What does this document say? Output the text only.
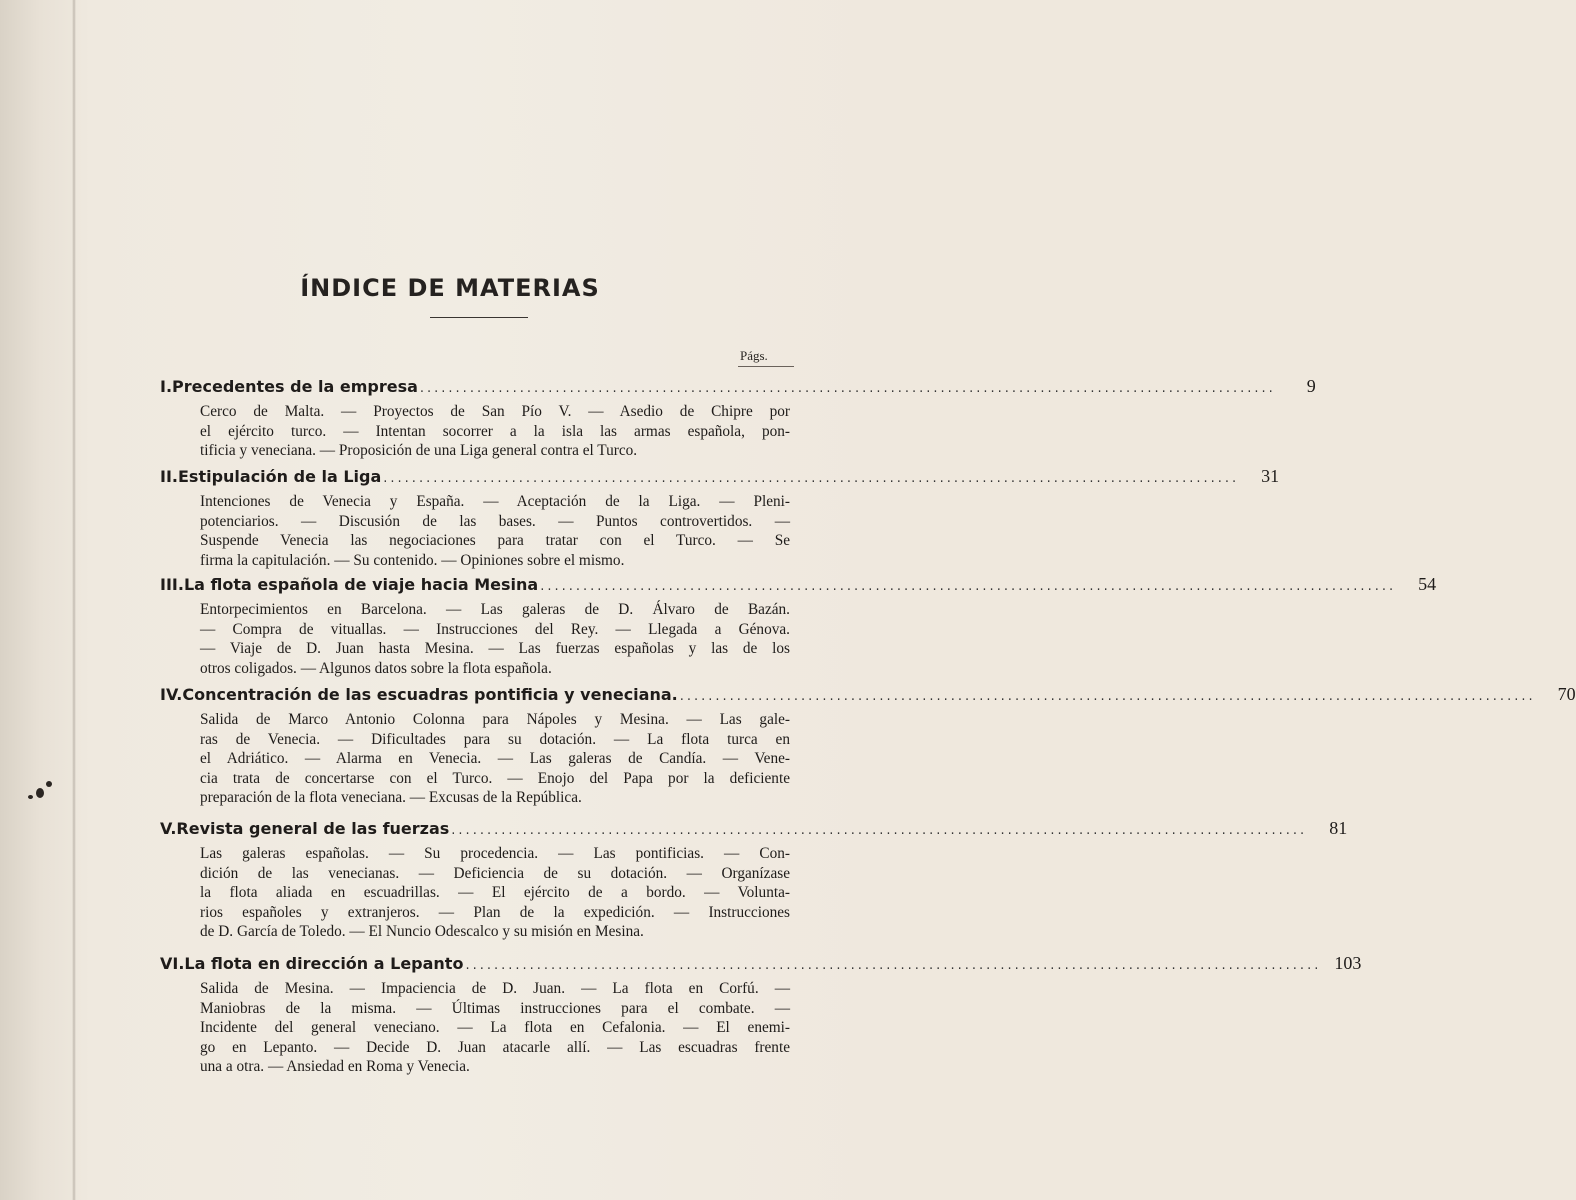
ÍNDICE DE MATERIAS
Págs.
I. Precedentes de la empresa ........................................................................................................................	9
Cerco de Malta. — Proyectos de San Pío V. — Asedio de Chipre por
el ejército turco. — Intentan socorrer a la isla las armas española, pon-
tificia y veneciana. — Proposición de una Liga general contra el Turco.
II. Estipulación de la Liga ........................................................................................................................	31
Intenciones de Venecia y España. — Aceptación de la Liga. — Pleni-
potenciarios. — Discusión de las bases. — Puntos controvertidos. —
Suspende Venecia las negociaciones para tratar con el Turco. — Se
firma la capitulación. — Su contenido. — Opiniones sobre el mismo.
III. La flota española de viaje hacia Mesina ........................................................................................................................	54
Entorpecimientos en Barcelona. — Las galeras de D. Álvaro de Bazán.
— Compra de vituallas. — Instrucciones del Rey. — Llegada a Génova.
— Viaje de D. Juan hasta Mesina. — Las fuerzas españolas y las de los
otros coligados. — Algunos datos sobre la flota española.
IV. Concentración de las escuadras pontificia y veneciana. ........................................................................................................................	70
Salida de Marco Antonio Colonna para Nápoles y Mesina. — Las gale-
ras de Venecia. — Dificultades para su dotación. — La flota turca en
el Adriático. — Alarma en Venecia. — Las galeras de Candía. — Vene-
cia trata de concertarse con el Turco. — Enojo del Papa por la deficiente
preparación de la flota veneciana. — Excusas de la República.
V. Revista general de las fuerzas ........................................................................................................................	81
Las galeras españolas. — Su procedencia. — Las pontificias. — Con-
dición de las venecianas. — Deficiencia de su dotación. — Organízase
la flota aliada en escuadrillas. — El ejército de a bordo. — Volunta-
rios españoles y extranjeros. — Plan de la expedición. — Instrucciones
de D. García de Toledo. — El Nuncio Odescalco y su misión en Mesina.
VI. La flota en dirección a Lepanto ........................................................................................................................ 103
Salida de Mesina. — Impaciencia de D. Juan. — La flota en Corfú. —
Maniobras de la misma. — Últimas instrucciones para el combate. —
Incidente del general veneciano. — La flota en Cefalonia. — El enemi-
go en Lepanto. — Decide D. Juan atacarle allí. — Las escuadras frente
una a otra. — Ansiedad en Roma y Venecia.
